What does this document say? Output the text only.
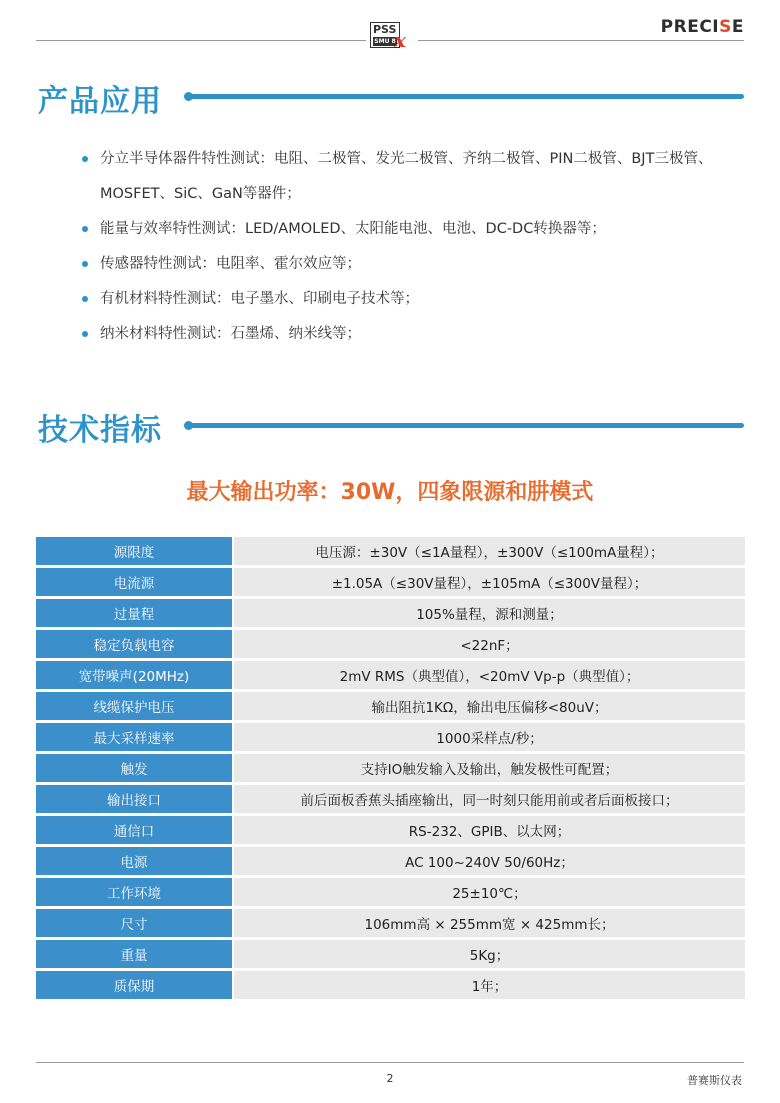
PSS
SMU 8
x
PRECISE
产品应用
分立半导体器件特性测试：电阻、二极管、发光二极管、齐纳二极管、PIN二极管、BJT三极管、MOSFET、SiC、GaN等器件；
能量与效率特性测试：LED/AMOLED、太阳能电池、电池、DC-DC转换器等；
传感器特性测试：电阻率、霍尔效应等；
有机材料特性测试：电子墨水、印刷电子技术等；
纳米材料特性测试：石墨烯、纳米线等；
技术指标
最大输出功率：30W，四象限源和肼模式
源限度		电压源：±30V（≤1A量程），±300V（≤100mA量程）；
电流源		±1.05A（≤30V量程），±105mA（≤300V量程）；
过量程		105%量程，源和测量；
稳定负载电容		<22nF；
宽带噪声(20MHz)		2mV RMS（典型值），<20mV Vp-p（典型值）；
线缆保护电压		输出阻抗1KΩ，输出电压偏移<80uV；
最大采样速率		1000采样点/秒；
触发		支持IO触发输入及输出，触发极性可配置；
输出接口		前后面板香蕉头插座输出，同一时刻只能用前或者后面板接口；
通信口		RS-232、GPIB、以太网；
电源		AC 100~240V 50/60Hz；
工作环境		25±10℃；
尺寸		106mm高 × 255mm宽 × 425mm长；
重量		5Kg；
质保期		1年；
2	普赛斯仪表
